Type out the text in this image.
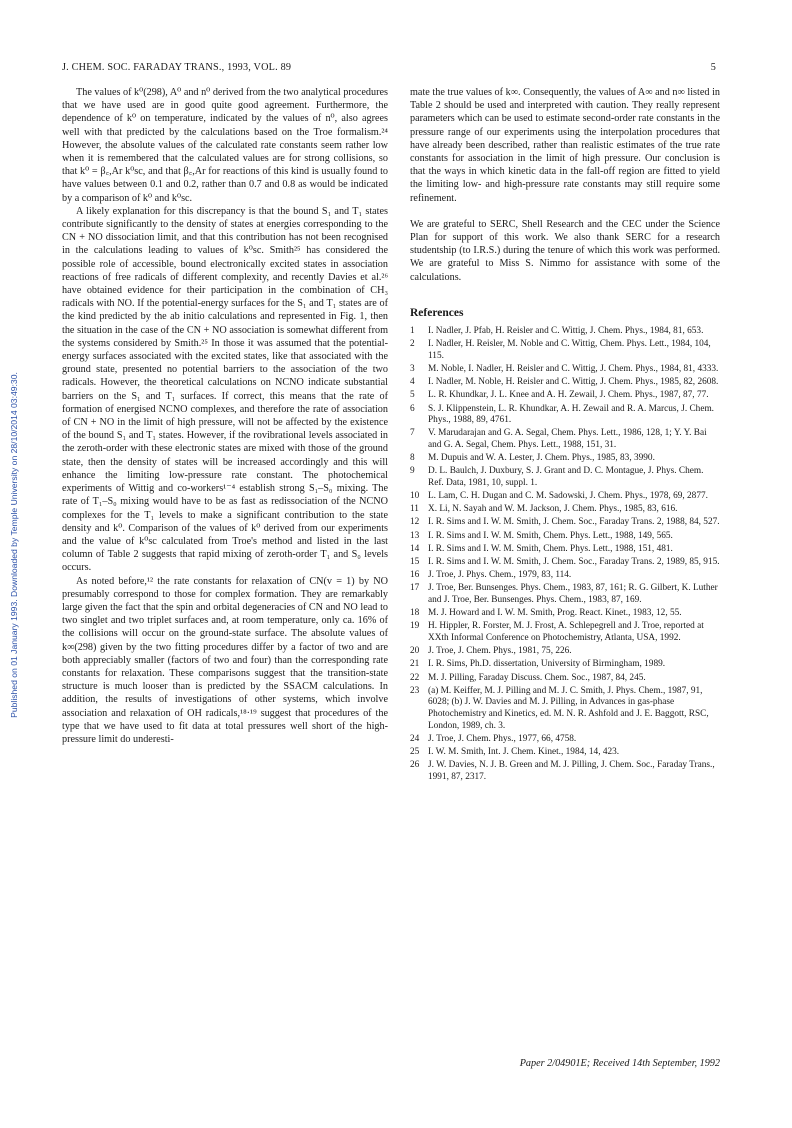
J. CHEM. SOC. FARADAY TRANS., 1993, VOL. 89	5
Published on 01 January 1993. Downloaded by Temple University on 28/10/2014 03:49:30.

The values of k⁰(298), A⁰ and n⁰ derived from the two analytical procedures that we have used are in good quite good agreement. Furthermore, the dependence of k⁰ on temperature, indicated by the values of n⁰, also agrees well with that predicted by the calculations based on the Troe formalism.²⁴ However, the absolute values of the calculated rate constants seem rather low when it is remembered that the calculated values are for strong collisions, so that k⁰ = β꜀,Ar k⁰sc, and that β꜀,Ar for reactions of this kind is usually found to have values between 0.1 and 0.2, rather than 0.7 and 0.8 as would be indicated by a comparison of k⁰ and k⁰sc.

A likely explanation for this discrepancy is that the bound S₁ and T₁ states contribute significantly to the density of states at energies corresponding to the CN + NO dissociation limit, and that this contribution has not been recognised in the calculations leading to values of k⁰sc. Smith²⁵ has considered the possible role of accessible, bound electronically excited states in association reactions of free radicals of different complexity, and recently Davies et al.²⁶ have obtained evidence for their participation in the combination of CH₃ radicals with NO. If the potential-energy surfaces for the S₁ and T₁ states are of the kind predicted by the ab initio calculations and represented in Fig. 1, then the situation in the case of the CN + NO association is somewhat different from the systems considered by Smith.²⁵ In those it was assumed that the potential-energy surfaces associated with the excited states, like that associated with the ground state, presented no potential barriers to the association of the two radicals. However, the theoretical calculations on NCNO indicate substantial barriers on the S₁ and T₁ surfaces. If correct, this means that the rate of formation of energised NCNO complexes, and therefore the rate of association of CN + NO in the limit of high pressure, will not be affected by the existence of the bound S₁ and T₁ states. However, if the rovibrational levels associated in the zeroth-order with these electronic states are mixed with those of the ground state, then the density of states will be increased accordingly and this will enhance the limiting low-pressure rate constant. The photochemical experiments of Wittig and co-workers¹⁻⁴ establish strong S₁–S₀ mixing. The rate of T₁–S₀ mixing would have to be as fast as redissociation of the NCNO complexes for the T₁ levels to make a significant contribution to the state density and k⁰. Comparison of the values of k⁰ derived from our experiments and the value of k⁰sc calculated from Troe's method and listed in the last column of Table 2 suggests that rapid mixing of zeroth-order T₁ and S₀ levels occurs.

As noted before,¹² the rate constants for relaxation of CN(v = 1) by NO presumably correspond to those for complex formation. They are remarkably large given the fact that the spin and orbital degeneracies of CN and NO lead to two singlet and two triplet surfaces and, at room temperature, only ca. 16% of the collisions will occur on the ground-state surface. The absolute values of k∞(298) given by the two fitting procedures differ by a factor of two and are both appreciably smaller (factors of two and four) than the corresponding rate constants for relaxation. These comparisons suggest that the transition-state structure is much looser than is predicted by the SSACM calculations. In addition, the results of investigations of other systems, which involve association and relaxation of OH radicals,¹⁸·¹⁹ suggest that procedures of the type that we have used to fit data at total pressures well short of the high-pressure limit do underesti-

mate the true values of k∞. Consequently, the values of A∞ and n∞ listed in Table 2 should be used and interpreted with caution. They really represent parameters which can be used to estimate second-order rate constants in the pressure range of our experiments using the interpolation procedures that have already been described, rather than realistic estimates of the true rate constants for association in the limit of high pressure. Our conclusion is that the ways in which kinetic data in the fall-off region are fitted to yield the limiting low- and high-pressure rate constants may still require some refinement.

We are grateful to SERC, Shell Research and the CEC under the Science Plan for support of this work. We also thank SERC for a research studentship (to I.R.S.) during the tenure of which this work was performed. We are grateful to Miss S. Nimmo for assistance with some of the calculations.

References
1	I. Nadler, J. Pfab, H. Reisler and C. Wittig, J. Chem. Phys., 1984, 81, 653.
2	I. Nadler, H. Reisler, M. Noble and C. Wittig, Chem. Phys. Lett., 1984, 104, 115.
3	M. Noble, I. Nadler, H. Reisler and C. Wittig, J. Chem. Phys., 1984, 81, 4333.
4	I. Nadler, M. Noble, H. Reisler and C. Wittig, J. Chem. Phys., 1985, 82, 2608.
5	L. R. Khundkar, J. L. Knee and A. H. Zewail, J. Chem. Phys., 1987, 87, 77.
6	S. J. Klippenstein, L. R. Khundkar, A. H. Zewail and R. A. Marcus, J. Chem. Phys., 1988, 89, 4761.
7	V. Marudarajan and G. A. Segal, Chem. Phys. Lett., 1986, 128, 1; Y. Y. Bai and G. A. Segal, Chem. Phys. Lett., 1988, 151, 31.
8	M. Dupuis and W. A. Lester, J. Chem. Phys., 1985, 83, 3990.
9	D. L. Baulch, J. Duxbury, S. J. Grant and D. C. Montague, J. Phys. Chem. Ref. Data, 1981, 10, suppl. 1.
10 L. Lam, C. H. Dugan and C. M. Sadowski, J. Chem. Phys., 1978, 69, 2877.
11 X. Li, N. Sayah and W. M. Jackson, J. Chem. Phys., 1985, 83, 616.
12 I. R. Sims and I. W. M. Smith, J. Chem. Soc., Faraday Trans. 2, 1988, 84, 527.
13 I. R. Sims and I. W. M. Smith, Chem. Phys. Lett., 1988, 149, 565.
14 I. R. Sims and I. W. M. Smith, Chem. Phys. Lett., 1988, 151, 481.
15 I. R. Sims and I. W. M. Smith, J. Chem. Soc., Faraday Trans. 2, 1989, 85, 915.
16 J. Troe, J. Phys. Chem., 1979, 83, 114.
17 J. Troe, Ber. Bunsenges. Phys. Chem., 1983, 87, 161; R. G. Gilbert, K. Luther and J. Troe, Ber. Bunsenges. Phys. Chem., 1983, 87, 169.
18 M. J. Howard and I. W. M. Smith, Prog. React. Kinet., 1983, 12, 55.
19 H. Hippler, R. Forster, M. J. Frost, A. Schlepegrell and J. Troe, reported at XXth Informal Conference on Photochemistry, Atlanta, USA, 1992.
20 J. Troe, J. Chem. Phys., 1981, 75, 226.
21 I. R. Sims, Ph.D. dissertation, University of Birmingham, 1989.
22 M. J. Pilling, Faraday Discuss. Chem. Soc., 1987, 84, 245.
23 (a) M. Keiffer, M. J. Pilling and M. J. C. Smith, J. Phys. Chem., 1987, 91, 6028; (b) J. W. Davies and M. J. Pilling, in Advances in gas-phase Photochemistry and Kinetics, ed. M. N. R. Ashfold and J. E. Baggott, RSC, London, 1989, ch. 3.
24 J. Troe, J. Chem. Phys., 1977, 66, 4758.
25 I. W. M. Smith, Int. J. Chem. Kinet., 1984, 14, 423.
26 J. W. Davies, N. J. B. Green and M. J. Pilling, J. Chem. Soc., Faraday Trans., 1991, 87, 2317.
Paper 2/04901E; Received 14th September, 1992
